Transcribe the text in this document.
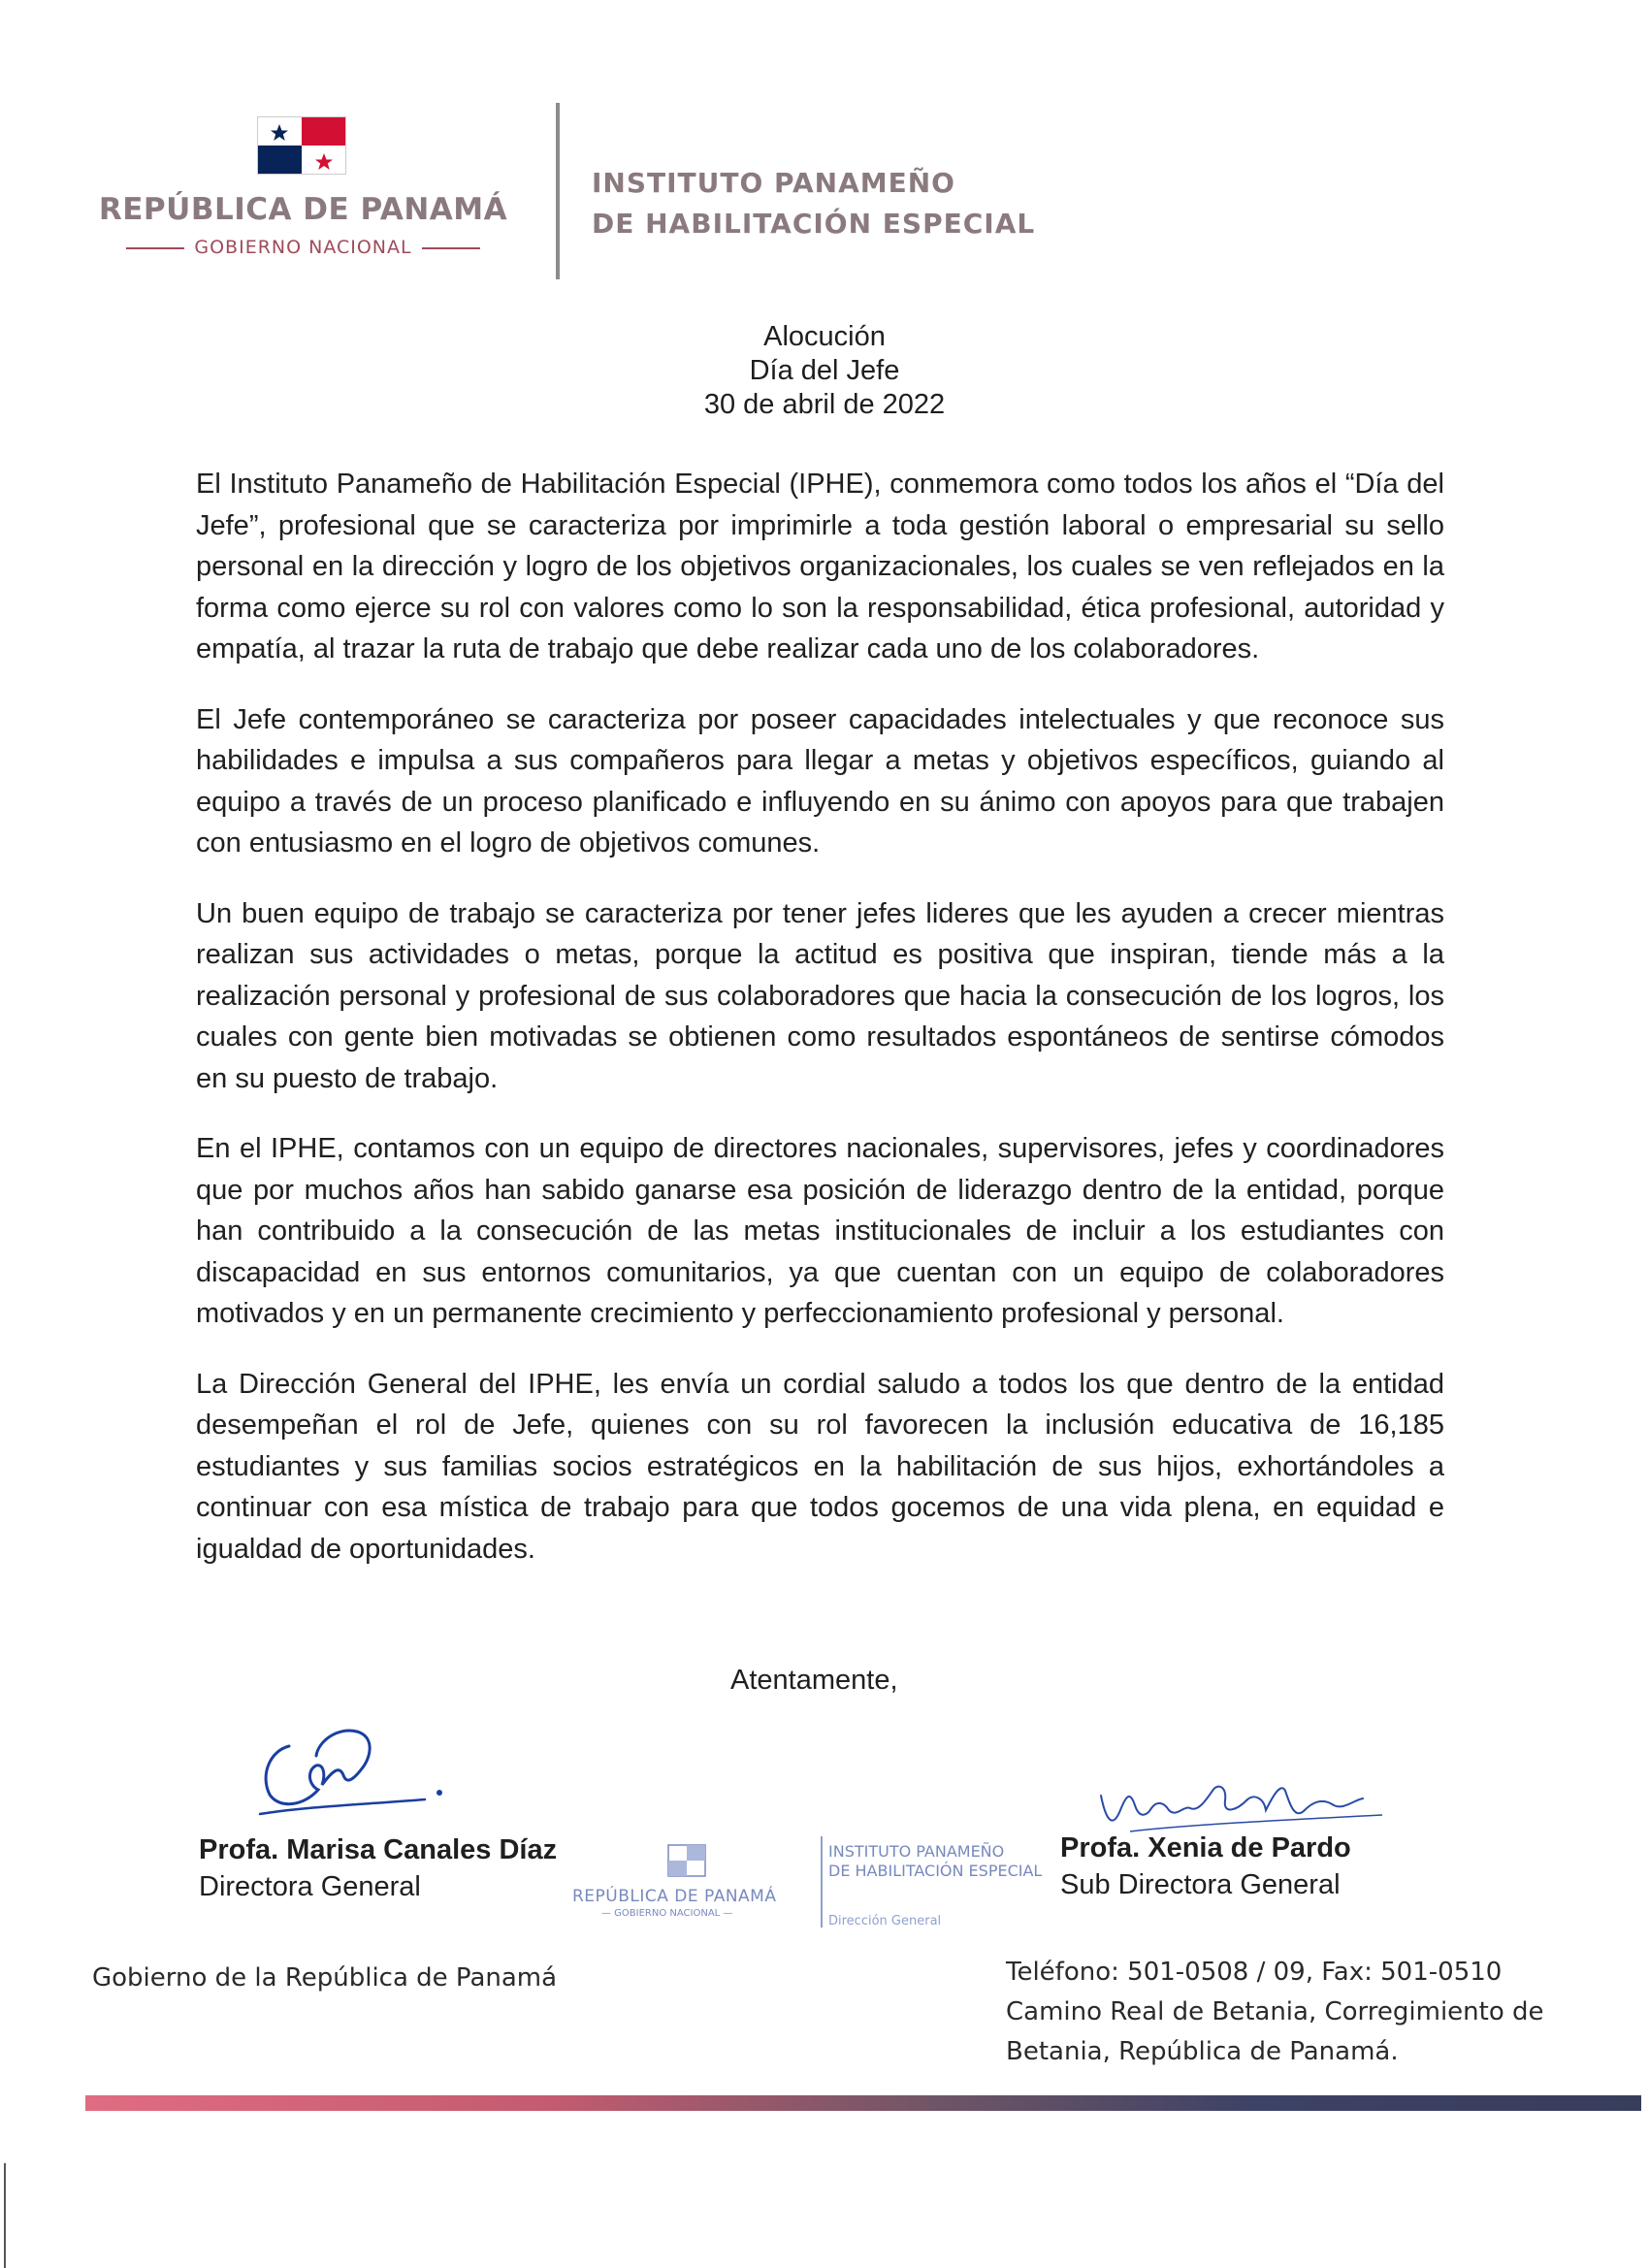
REPÚBLICA DE PANAMÁ
GOBIERNO NACIONAL
INSTITUTO PANAMEÑO
DE HABILITACIÓN ESPECIAL
Alocución
Día del Jefe
30 de abril de 2022

El Instituto Panameño de Habilitación Especial (IPHE), conmemora como todos los años el “Día del Jefe”, profesional que se caracteriza por imprimirle a toda gestión laboral o empresarial su sello personal en la dirección y logro de los objetivos organizacionales, los cuales se ven reflejados en la forma como ejerce su rol con valores como lo son la responsabilidad, ética profesional, autoridad y empatía, al trazar la ruta de trabajo que debe realizar cada uno de los colaboradores.

El Jefe contemporáneo se caracteriza por poseer capacidades intelectuales y que reconoce sus habilidades e impulsa a sus compañeros para llegar a metas y objetivos específicos, guiando al equipo a través de un proceso planificado e influyendo en su ánimo con apoyos para que trabajen con entusiasmo en el logro de objetivos comunes.

Un buen equipo de trabajo se caracteriza por tener jefes lideres que les ayuden a crecer mientras realizan sus actividades o metas, porque la actitud es positiva que inspiran, tiende más a la realización personal y profesional de sus colaboradores que hacia la consecución de los logros, los cuales con gente bien motivadas se obtienen como resultados espontáneos de sentirse cómodos en su puesto de trabajo.

En el IPHE, contamos con un equipo de directores nacionales, supervisores, jefes y coordinadores que por muchos años han sabido ganarse esa posición de liderazgo dentro de la entidad, porque han contribuido a la consecución de las metas institucionales de incluir a los estudiantes con discapacidad en sus entornos comunitarios, ya que cuentan con un equipo de colaboradores motivados y en un permanente crecimiento y perfeccionamiento profesional y personal.

La Dirección General del IPHE, les envía un cordial saludo a todos los que dentro de la entidad desempeñan el rol de Jefe, quienes con su rol favorecen la inclusión educativa de 16,185 estudiantes y sus familias socios estratégicos en la habilitación de sus hijos, exhortándoles a continuar con esa mística de trabajo para que todos gocemos de una vida plena, en equidad e igualdad de oportunidades.

Atentamente,
Profa. Marisa Canales Díaz
Directora General
Profa. Xenia de Pardo
Sub Directora General
REPÚBLICA DE PANAMÁ
— GOBIERNO NACIONAL —
INSTITUTO PANAMEÑO
DE HABILITACIÓN ESPECIAL
Dirección General
Gobierno de la República de Panamá	Teléfono: 501-0508 / 09, Fax: 501-0510
Camino Real de Betania, Corregimiento de
Betania, República de Panamá.
